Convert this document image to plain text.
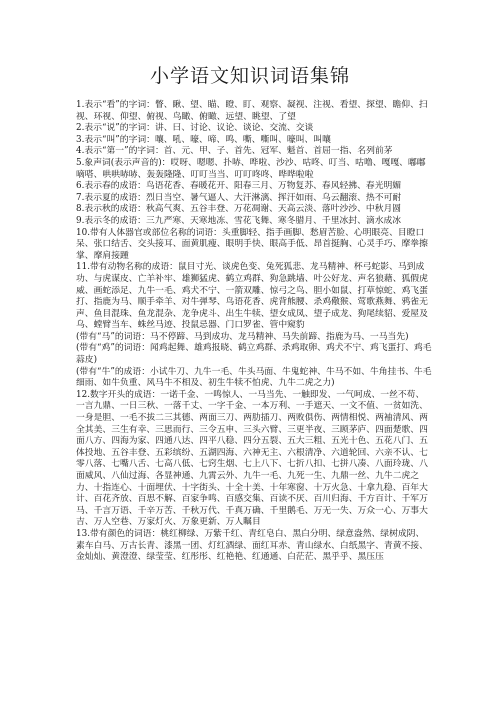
小学语文知识词语集锦

1.表示“看”的字词：瞥、瞅、望、瞄、瞪、盯、观察、凝视、注视、看望、探望、瞻仰、扫视、环视、仰望、俯视、鸟瞰、俯瞰、远望、眺望、了望

2.表示“说”的字词：讲、曰、讨论、议论、谈论、交流、交谈

3.表示“叫”的字词：嚷、吼、嚎、啼、鸣、嘶、嘶叫、嚎叫、叫嚷

4.表示“第一”的字词：首、元、甲、子、首先、冠军、魁首、首屈一指、名列前茅

5.象声词(表示声音的)：哎呀、嗯嗯、扑哧、哗啦、沙沙、咕咚、叮当、咕噜、嘎嘎、嘟嘟嘀嗒、哄哄哧哧、轰轰隆隆、叮叮当当、叮叮咚咚、哗哗啦啦

6.表示春的成语：鸟语花香、春暖花开、阳春三月、万物复苏、春风轻拂、春光明媚

7.表示夏的成语：烈日当空、暑气逼人、大汗淋漓、挥汗如雨、乌云翻滚、热不可耐

8.表示秋的成语：秋高气爽、五谷丰登、万花凋谢、天高云淡、落叶沙沙、中秋月圆

9.表示冬的成语：三九严寒、天寒地冻、雪花飞舞、寒冬腊月、千里冰封、滴水成冰

10.带有人体器官或部位名称的词语：头重脚轻、指手画脚、愁眉苦脸、心明眼亮、目瞪口呆、张口结舌、交头接耳、面黄肌瘦、眼明手快、眼高手低、昂首挺胸、心灵手巧、摩拳擦掌、摩肩接踵

11.带有动物名称的成语：鼠目寸光、谈虎色变、兔死狐悲、龙马精神、杯弓蛇影、马到成功、与虎谋皮、亡羊补牢、雄狮猛虎、鹤立鸡群、狗急跳墙、叶公好龙、声名狼藉、狐假虎威、画蛇添足、九牛一毛、鸡犬不宁、一箭双雕、惊弓之鸟、胆小如鼠、打草惊蛇、鸡飞蛋打、指鹿为马、顺手牵羊、对牛弹琴、鸟语花香、虎背熊腰、杀鸡儆猴、莺歌燕舞、鸦雀无声、鱼目混珠、鱼龙混杂、龙争虎斗、出生牛犊、望女成凤、望子成龙、狗尾续貂、爱屋及乌、螳臂当车、蛛丝马迹、投鼠忌器、门口罗雀、管中窥豹

(带有“马”的词语：马不停蹄、马到成功、龙马精神、马失前蹄、指鹿为马、一马当先)

(带有“鸡”的词语：闻鸡起舞、雄鸡报晓、鹤立鸡群、杀鸡取卵、鸡犬不宁、鸡飞蛋打、鸡毛蒜皮)

(带有“牛”的成语：小试牛刀、九牛一毛、牛头马面、牛鬼蛇神、牛马不如、牛角挂书、牛毛细雨、如牛负重、风马牛不相及、初生牛犊不怕虎、九牛二虎之力)

12.数字开头的成语：一诺千金、一鸣惊人、一马当先、一触即发、一气呵成、一丝不苟、一言九鼎、一日三秋、一落千丈、一字千金、一本万利、一手遮天、一文不值、一贫如洗、一身是胆、一毛不拔二三其德、两面三刀、两肋插刀、两败俱伤、两情相悦、两袖清风、两全其美、三生有幸、三思而行、三令五申、三头六臂、三更半夜、三顾茅庐、四面楚歌、四面八方、四海为家、四通八达、四平八稳、四分五裂、五大三粗、五光十色、五花八门、五体投地、五谷丰登、五彩缤纷、五湖四海、六神无主、六根清净、六道轮回、六亲不认、七零八落、七嘴八舌、七高八低、七窍生烟、七上八下、七折八扣、七拼八凑、八面玲珑、八面威风、八仙过海、各显神通、九霄云外、九牛一毛、九死一生、九鼎一丝、九牛二虎之力、十指连心、十面埋伏、十字街头、十全十美、十年寒窗、十万火急、十拿九稳、百年大计、百花齐放、百思不解、百家争鸣、百感交集、百读不厌、百川归海、千方百计、千军万马、千言万语、千辛万苦、千秋万代、千真万确、千里鹅毛、万无一失、万众一心、万事大吉、万人空巷、万家灯火、万象更新、万人瞩目

13.带有颜色的词语：桃红柳绿、万紫千红、青红皂白、黑白分明、绿意盎然、绿树成阴、素车白马、万古长青、漆黑一团、灯红酒绿、面红耳赤、青山绿水、白纸黑字、青黄不接、金灿灿、黄澄澄、绿莹莹、红彤彤、红艳艳、红通通、白茫茫、黑乎乎、黑压压
